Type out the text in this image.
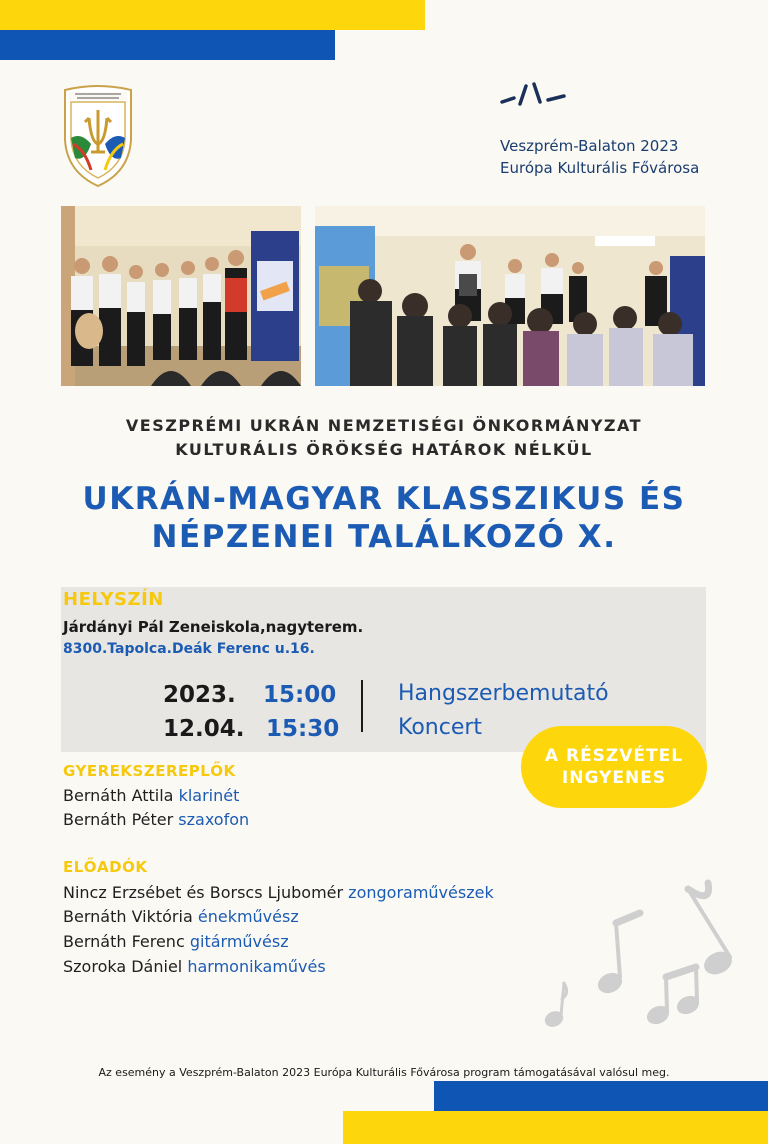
Veszprém-Balaton 2023
Európa Kulturális Fővárosa
VESZPRÉMI UKRÁN NEMZETISÉGI ÖNKORMÁNYZAT
KULTURÁLIS ÖRÖKSÉG HATÁROK NÉLKÜL
UKRÁN-MAGYAR KLASSZIKUS ÉS
NÉPZENEI TALÁLKOZÓ X.
HELYSZÍN
Járdányi Pál Zeneiskola,nagyterem.
8300.Tapolca.Deák Ferenc u.16.
2023.
12.04.
15:00
15:30
Hangszerbemutató
Koncert
A RÉSZVÉTEL
INGYENES
GYEREKSZEREPLŐK
Bernáth Attila klarinét
Bernáth Péter szaxofon
ELŐADÓK
Nincz Erzsébet és Borscs Ljubomér zongoraművészek
Bernáth Viktória énekművész
Bernáth Ferenc gitárművész
Szoroka Dániel harmonikaművés
Az esemény a Veszprém-Balaton 2023 Európa Kulturális Fővárosa program támogatásával valósul meg.
